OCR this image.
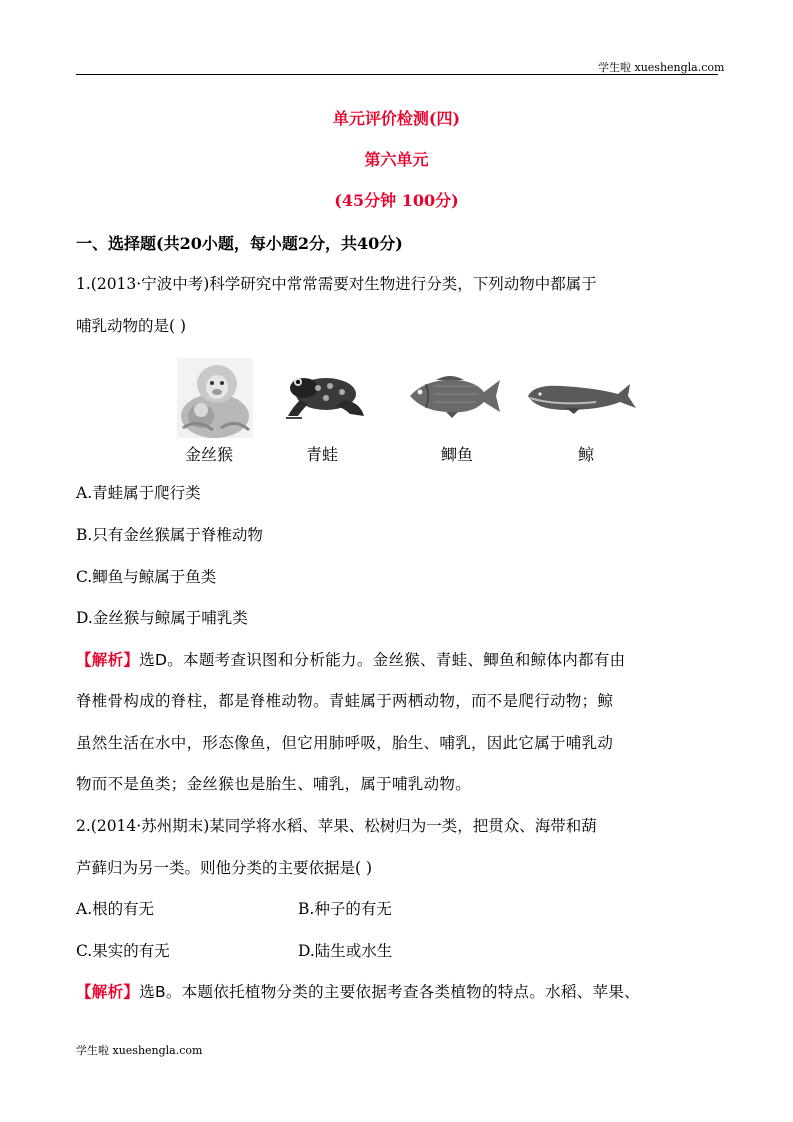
学生啦 xueshengla.com
单元评价检测(四)
第六单元
(45分钟 100分)
一、选择题(共20小题，每小题2分，共40分)
1.(2013·宁波中考)科学研究中常常需要对生物进行分类，下列动物中都属于
哺乳动物的是( )
金丝猴	青蛙	鲫鱼	鲸
A.青蛙属于爬行类
B.只有金丝猴属于脊椎动物
C.鲫鱼与鲸属于鱼类
D.金丝猴与鲸属于哺乳类
【解析】选D。本题考查识图和分析能力。金丝猴、青蛙、鲫鱼和鲸体内都有由
脊椎骨构成的脊柱，都是脊椎动物。青蛙属于两栖动物，而不是爬行动物；鲸
虽然生活在水中，形态像鱼，但它用肺呼吸，胎生、哺乳，因此它属于哺乳动
物而不是鱼类；金丝猴也是胎生、哺乳，属于哺乳动物。
2.(2014·苏州期末)某同学将水稻、苹果、松树归为一类，把贯众、海带和葫
芦藓归为另一类。则他分类的主要依据是( )
A.根的有无	B.种子的有无
C.果实的有无	D.陆生或水生
【解析】选B。本题依托植物分类的主要依据考查各类植物的特点。水稻、苹果、
学生啦 xueshengla.com
